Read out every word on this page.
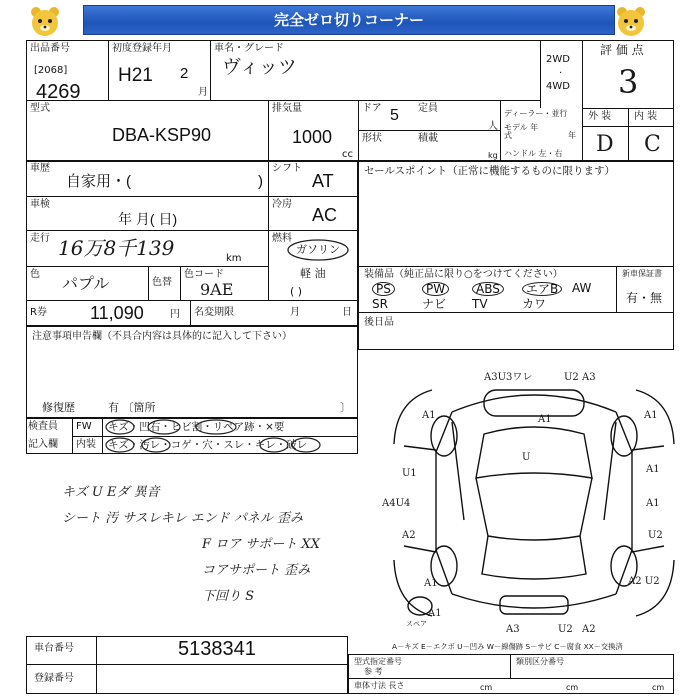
完全ゼロ切りコーナー
出品番号
[2068]
4269
初度登録年月
H21 2
月
車名・グレード
ヴィッツ	2WD
·
4WD
評 価 点
3
型式
DBA-KSP90
排気量
1000
cc
ドア 5 定員
人
形状	積載
kg
ディーラー・並行
モデル 年式	年
ハンドル 左・右
外 装 内 装
D C
車歴
自家用・(	)
シフト
AT
車検
年 月( 日)
冷房
AC
走行 16万8千139	km
燃料
ガソリン
軽 油
( )
色 パプル	色替
色コード
9AE
R券 11,090	円 名変期限	月	日
セールスポイント（正常に機能するものに限ります）
装備品（純正品に限り○をつけてください）
PS	PW	ABS	エアB	AW
SR	ナビ TV	カワ
新車保証書
有・無
後日品
注意事項申告欄（不具合内容は具体的に記入して下さい）
修復歴	有 〔箇所	〕
検査員
記入欄
FW
内装
キズ・凹右・ヒビ割・リペア跡・×要
キズ・汚レ・コゲ・穴・スレ・キレ・破レ
キズ U Eダ 異音
シート 汚 サスレキレ エンド パネル 歪み
F ロア サポート XX
コアサポート 歪み
下回り S
A3U3ワレ	U2 A3
A1	A1	A1
A1
U
U1
A1
A4U4
A2	U2
A1	A2 U2
A1
A3	U2 A2
スペア
車台番号	5138341
登録番号
A－キズ E－エクボ U－凹み W－線傷跡 S－サビ C－腐食 XX－交換済
型式指定番号
参 考
類別区分番号
車体寸法 長さ	cm	cm	cm
